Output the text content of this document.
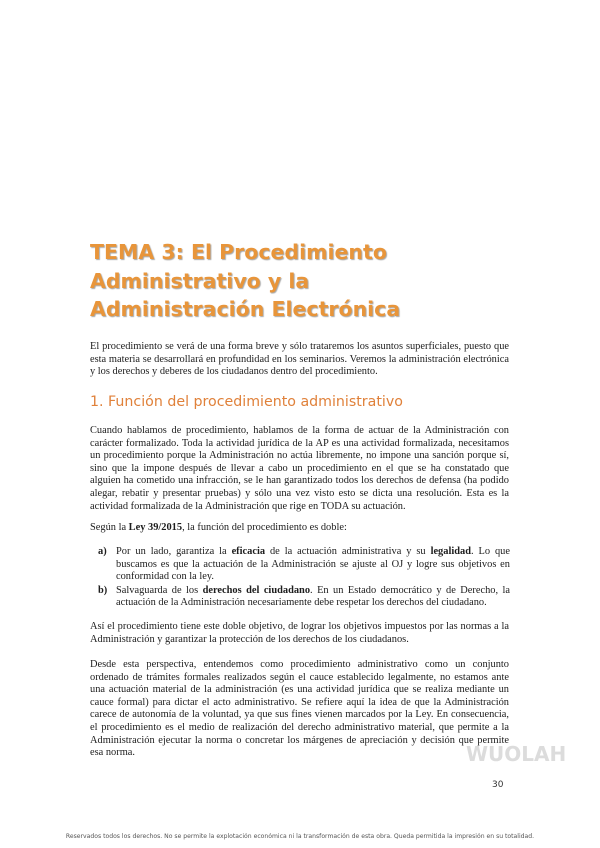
TEMA 3: El Procedimiento
Administrativo y la
Administración Electrónica

El procedimiento se verá de una forma breve y sólo trataremos los asuntos superficiales, puesto que esta materia se desarrollará en profundidad en los seminarios. Veremos la administración electrónica y los derechos y deberes de los ciudadanos dentro del procedimiento.

1. Función del procedimiento administrativo

Cuando hablamos de procedimiento, hablamos de la forma de actuar de la Administración con carácter formalizado. Toda la actividad jurídica de la AP es una actividad formalizada, necesitamos un procedimiento porque la Administración no actúa libremente, no impone una sanción porque sí, sino que la impone después de llevar a cabo un procedimiento en el que se ha constatado que alguien ha cometido una infracción, se le han garantizado todos los derechos de defensa (ha podido alegar, rebatir y presentar pruebas) y sólo una vez visto esto se dicta una resolución. Esta es la actividad formalizada de la Administración que rige en TODA su actuación.

Según la Ley 39/2015, la función del procedimiento es doble:

a) Por un lado, garantiza la eficacia de la actuación administrativa y su legalidad. Lo que buscamos es que la actuación de la Administración se ajuste al OJ y logre sus objetivos en conformidad con la ley.
b) Salvaguarda de los derechos del ciudadano. En un Estado democrático y de Derecho, la actuación de la Administración necesariamente debe respetar los derechos del ciudadano.

Así el procedimiento tiene este doble objetivo, de lograr los objetivos impuestos por las normas a la Administración y garantizar la protección de los derechos de los ciudadanos.

Desde esta perspectiva, entendemos como procedimiento administrativo como un conjunto ordenado de trámites formales realizados según el cauce establecido legalmente, no estamos ante una actuación material de la administración (es una actividad jurídica que se realiza mediante un cauce formal) para dictar el acto administrativo. Se refiere aquí la idea de que la Administración carece de autonomía de la voluntad, ya que sus fines vienen marcados por la Ley. En consecuencia, el procedimiento es el medio de realización del derecho administrativo material, que permite a la Administración ejecutar la norma o concretar los márgenes de apreciación y decisión que permite esa norma.	WUOLAH
30
Reservados todos los derechos. No se permite la explotación económica ni la transformación de esta obra. Queda permitida la impresión en su totalidad.
